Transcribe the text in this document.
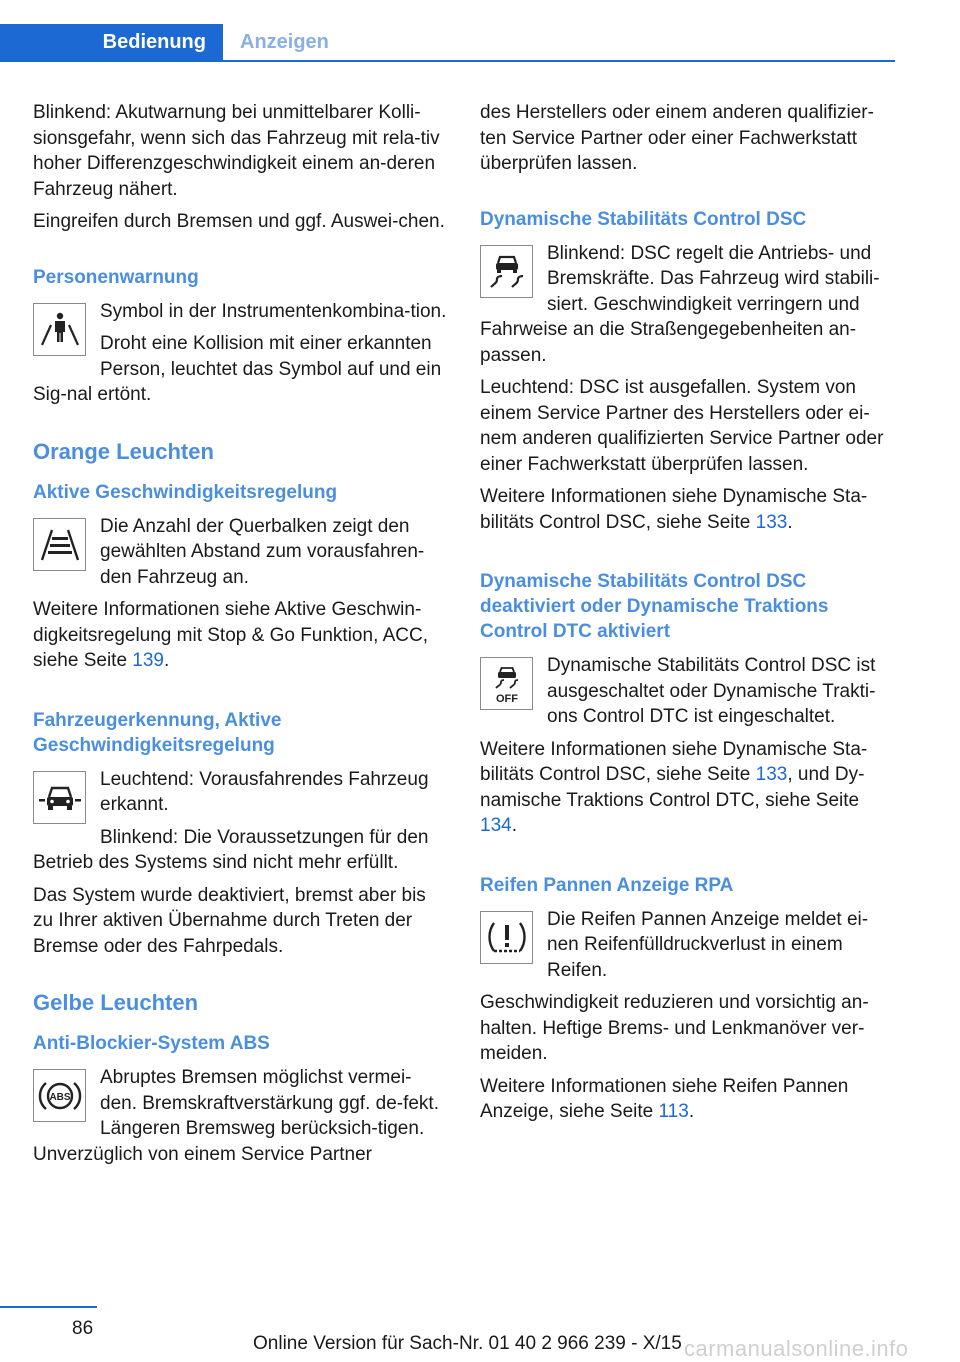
Bedienung	Anzeigen

Blinkend: Akutwarnung bei unmittelbarer Kolli-sionsgefahr, wenn sich das Fahrzeug mit rela-tiv hoher Differenzgeschwindigkeit einem an-deren Fahrzeug nähert.

Eingreifen durch Bremsen und ggf. Auswei-chen.

Personenwarnung

Symbol in der Instrumentenkombina-tion.

Droht eine Kollision mit einer erkannten Person, leuchtet das Symbol auf und ein Sig-nal ertönt.

Orange Leuchten
Aktive Geschwindigkeitsregelung

Die Anzahl der Querbalken zeigt den gewählten Abstand zum vorausfahren-den Fahrzeug an.

Weitere Informationen siehe Aktive Geschwin-digkeitsregelung mit Stop & Go Funktion, ACC, siehe Seite 139.

Fahrzeugerkennung, Aktive Geschwindigkeitsregelung

Leuchtend: Vorausfahrendes Fahrzeug erkannt.

Blinkend: Die Voraussetzungen für den Betrieb des Systems sind nicht mehr erfüllt.

Das System wurde deaktiviert, bremst aber bis zu Ihrer aktiven Übernahme durch Treten der Bremse oder des Fahrpedals.

Gelbe Leuchten
Anti-Blockier-System ABS
ABS

Abruptes Bremsen möglichst vermei-den. Bremskraftverstärkung ggf. de-fekt. Längeren Bremsweg berücksich-tigen. Unverzüglich von einem Service Partner

des Herstellers oder einem anderen qualifizier-ten Service Partner oder einer Fachwerkstatt überprüfen lassen.

Dynamische Stabilitäts Control DSC

Blinkend: DSC regelt die Antriebs- und Bremskräfte. Das Fahrzeug wird stabili-siert. Geschwindigkeit verringern und Fahrweise an die Straßengegebenheiten an-passen.

Leuchtend: DSC ist ausgefallen. System von einem Service Partner des Herstellers oder ei-nem anderen qualifizierten Service Partner oder einer Fachwerkstatt überprüfen lassen.

Weitere Informationen siehe Dynamische Sta-bilitäts Control DSC, siehe Seite 133.

Dynamische Stabilitäts Control DSC deaktiviert oder Dynamische Traktions Control DTC aktiviert
OFF

Dynamische Stabilitäts Control DSC ist ausgeschaltet oder Dynamische Trakti-ons Control DTC ist eingeschaltet.

Weitere Informationen siehe Dynamische Sta-bilitäts Control DSC, siehe Seite 133, und Dy-namische Traktions Control DTC, siehe Seite 134.

Reifen Pannen Anzeige RPA

Die Reifen Pannen Anzeige meldet ei-nen Reifenfülldruckverlust in einem Reifen.

Geschwindigkeit reduzieren und vorsichtig an-halten. Heftige Brems- und Lenkmanöver ver-meiden.

Weitere Informationen siehe Reifen Pannen Anzeige, siehe Seite 113.

86
Online Version für Sach-Nr. 01 40 2 966 239 - X/15 carmanualsonline.info
